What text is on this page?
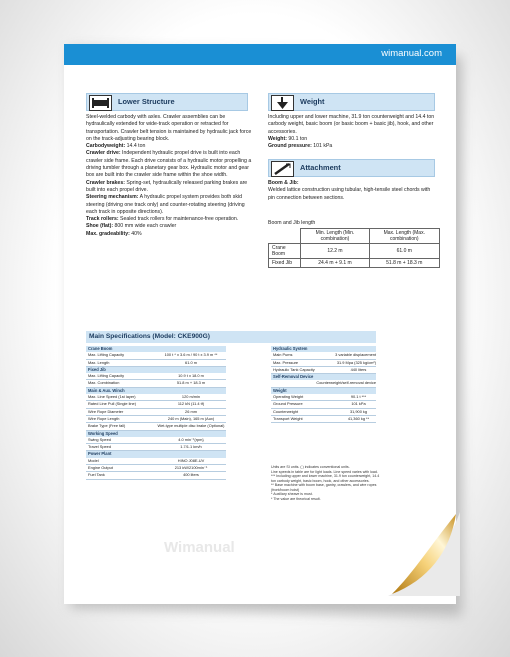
wimanual.com
Lower Structure

Steel-welded carbody with axles. Crawler assemblies can be hydraulically extended for wide-track operation or retracted for transportation. Crawler belt tension is maintained by hydraulic jack force on the track-adjusting bearing block.

Carbodyweight: 14.4 ton

Crawler drive: Independent hydraulic propel drive is built into each crawler side frame. Each drive consists of a hydraulic motor propelling a driving tumbler through a planetary gear box. Hydraulic motor and gear box are built into the crawler side frame within the shoe width.

Crawler brakes: Spring-set, hydraulically released parking brakes are built into each propel drive.

Steering mechanism: A hydraulic propel system provides both skid steering (driving one track only) and counter-rotating steering (driving each track in opposite directions).

Track rollers: Sealed track rollers for maintenance-free operation.

Shoe (flat): 800 mm wide each crawler

Max. gradeability: 40%

Weight

Including upper and lower machine, 31.9 ton counterweight and 14.4 ton carbody weight, basic boom (or basic boom + basic jib), hook, and other accessories.

Weight: 90.1 ton

Ground pressure: 101 kPa

Attachment

Boom & Jib:

Welded lattice construction using tubular, high-tensile steel chords with pin connection between sections.

Boom and Jib length
	Min. Length (Min. combination)	Max. Length (Max. combination)
Crane Boom	12.2 m	61.0 m
Fixed Jib	24.4 m + 9.1 m	51.8 m + 18.3 m
Main Specifications (Model: CKE900G)
Crane Boom
Max. Lifting Capacity	100 t * x 3.6 m / 90 t x 3.9 m **
Max. Length	61.0 m
Fixed Jib
Max. Lifting Capacity	10.9 t x 18.0 m
Max. Combination	51.8 m + 18.3 m
Main & Aux. Winch
Max. Line Speed (1st layer)	120 m/min
Rated Line Pull (Single line)	112 kN (11.4 tf)
Wire Rope Diameter	26 mm
Wire Rope Length	240 m (Main), 165 m (Aux)
Brake Type (Free fall)	Wet-type multiple disc brake (Optional)
Working Speed
Swing Speed	4.0 min⁻¹{rpm}
Travel Speed	1.7/1.1 km/h
Power Plant
Model	HINO J08E-UV
Engine Output	213 kW/2100min⁻¹
Fuel Tank	400 liters
Hydraulic System
Main Pums	3 variable displacement
Max. Pressure	31.9 Mpa (325 kg/cm²)
Hydraulic Tank Capacity	440 liters
Self-Removal Device
Counterweight/self-removal device
Weight
Operating Weight	90.1 t ***
Ground Pressure	101 kPa
Counterweight	31,900 kg
Transport Weight	41,360 kg **

Units are SI units. ( ) indicates conventional units.

Line speeds in table are for light loads. Line speed varies with load.

*** Including upper and lower machine, 31.9 ton counterweight, 14.4 ton carbody weight, basic boom, hook, and other accessories.

** Base machine with boom base, gantry, crawlers, and wire ropes (front/boom hoist)

* Auxiliary sheave is must.

* The value are theorical result.

Wimanual
